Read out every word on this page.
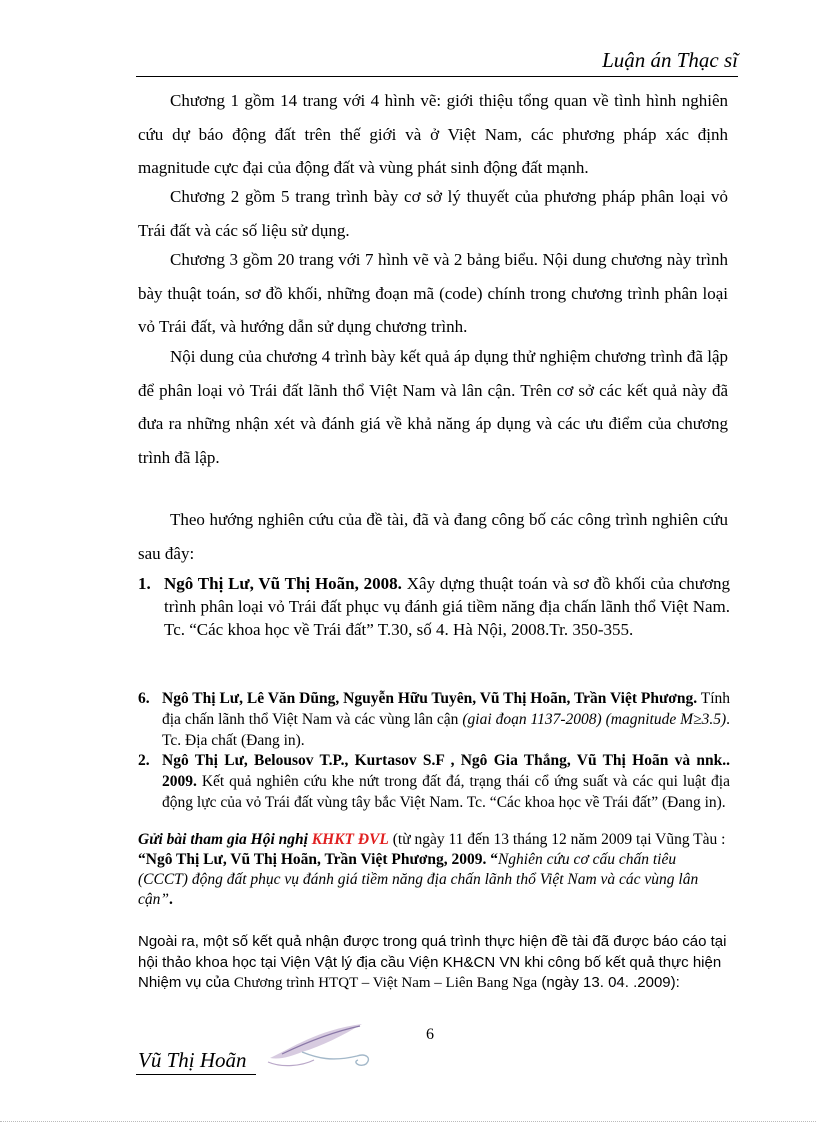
Luận án Thạc sĩ

Chương 1 gồm 14 trang với 4 hình vẽ: giới thiệu tổng quan về tình hình nghiên cứu dự báo động đất trên thế giới và ở Việt Nam, các phương pháp xác định magnitude cực đại của động đất và vùng phát sinh động đất mạnh.

Chương 2 gồm 5 trang trình bày cơ sở lý thuyết của phương pháp phân loại vỏ Trái đất và các số liệu sử dụng.

Chương 3 gồm 20 trang với 7 hình vẽ và 2 bảng biểu. Nội dung chương này trình bày thuật toán, sơ đồ khối, những đoạn mã (code) chính trong chương trình phân loại vỏ Trái đất, và hướng dẫn sử dụng chương trình.

Nội dung của chương 4 trình bày kết quả áp dụng thử nghiệm chương trình đã lập để phân loại vỏ Trái đất lãnh thổ Việt Nam và lân cận. Trên cơ sở các kết quả này đã đưa ra những nhận xét và đánh giá về khả năng áp dụng và các ưu điểm của chương trình đã lập.

Theo hướng nghiên cứu của đề tài, đã và đang công bố các công trình nghiên cứu sau đây:

1. Ngô Thị Lư, Vũ Thị Hoãn, 2008. Xây dựng thuật toán và sơ đồ khối của chương trình phân loại vỏ Trái đất phục vụ đánh giá tiềm năng địa chấn lãnh thổ Việt Nam. Tc. “Các khoa học về Trái đất” T.30, số 4. Hà Nội, 2008.Tr. 350-355.
6. Ngô Thị Lư, Lê Văn Dũng, Nguyễn Hữu Tuyên, Vũ Thị Hoãn, Trần Việt Phương. Tính địa chấn lãnh thổ Việt Nam và các vùng lân cận (giai đoạn 1137-2008) (magnitude M≥3.5). Tc. Địa chất (Đang in).
2. Ngô Thị Lư, Belousov T.P., Kurtasov S.F , Ngô Gia Thắng, Vũ Thị Hoãn và nnk.. 2009. Kết quả nghiên cứu khe nứt trong đất đá, trạng thái cổ ứng suất và các qui luật địa động lực của vỏ Trái đất vùng tây bắc Việt Nam. Tc. “Các khoa học về Trái đất” (Đang in).

Gửi bài tham gia Hội nghị KHKT ĐVL (từ ngày 11 đến 13 tháng 12 năm 2009 tại Vũng Tàu : “Ngô Thị Lư, Vũ Thị Hoãn, Trần Việt Phương, 2009. “Nghiên cứu cơ cấu chấn tiêu (CCCT) động đất phục vụ đánh giá tiềm năng địa chấn lãnh thổ Việt Nam và các vùng lân cận”.

Ngoài ra, một số kết quả nhận được trong quá trình thực hiện đề tài đã được báo cáo tại hội thảo khoa học tại Viện Vật lý địa cầu Viện KH&CN VN khi công bố kết quả thực hiện Nhiệm vụ của Chương trình HTQT – Việt Nam – Liên Bang Nga (ngày 13. 04. .2009):

6
Vũ Thị Hoãn
